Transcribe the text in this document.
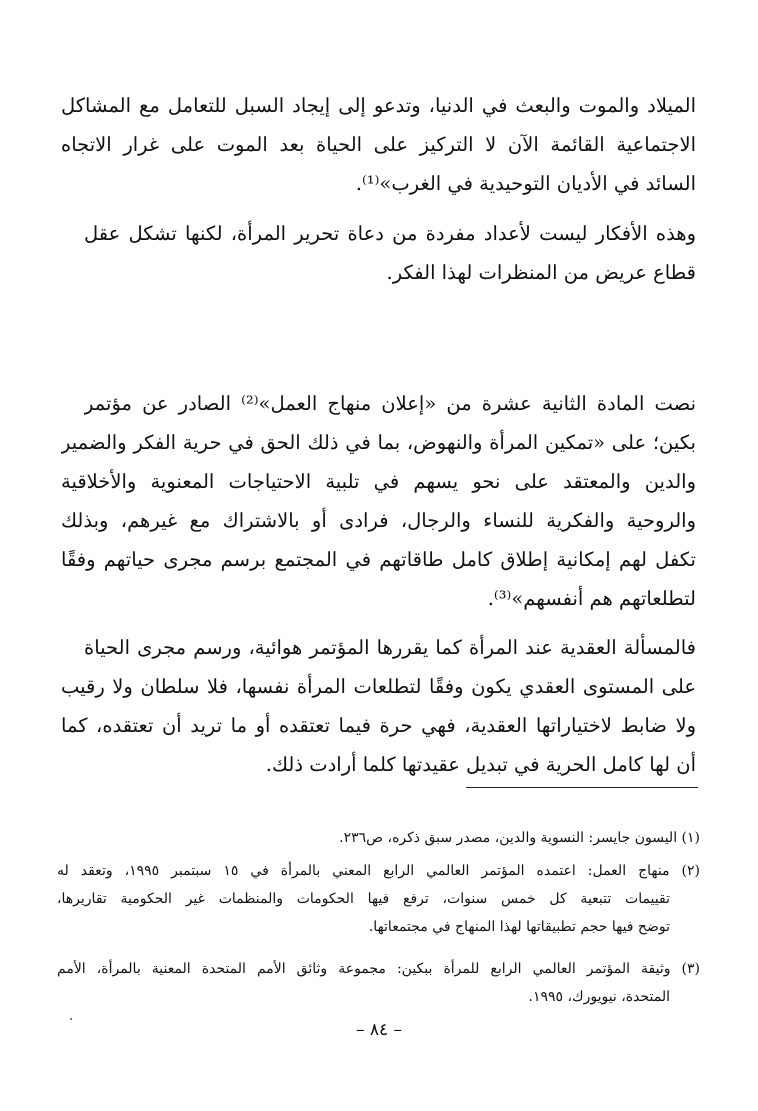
الميلاد والموت والبعث في الدنيا، وتدعو إلى إيجاد السبل للتعامل مع المشاكل
الاجتماعية القائمة الآن لا التركيز على الحياة بعد الموت على غرار الاتجاه
السائد في الأديان التوحيدية في الغرب»⁽¹⁾.
وهذه الأفكار ليست لأعداد مفردة من دعاة تحرير المرأة، لكنها تشكل عقل
قطاع عريض من المنظرات لهذا الفكر.
نصت المادة الثانية عشرة من «إعلان منهاج العمل»⁽²⁾ الصادر عن مؤتمر
بكين؛ على «تمكين المرأة والنهوض، بما في ذلك الحق في حرية الفكر والضمير
والدين والمعتقد على نحو يسهم في تلبية الاحتياجات المعنوية والأخلاقية
والروحية والفكرية للنساء والرجال، فرادى أو بالاشتراك مع غيرهم، وبذلك
تكفل لهم إمكانية إطلاق كامل طاقاتهم في المجتمع برسم مجرى حياتهم وفقًا
لتطلعاتهم هم أنفسهم»⁽³⁾.
فالمسألة العقدية عند المرأة كما يقررها المؤتمر هوائية، ورسم مجرى الحياة
على المستوى العقدي يكون وفقًا لتطلعات المرأة نفسها، فلا سلطان ولا رقيب
ولا ضابط لاختياراتها العقدية، فهي حرة فيما تعتقده أو ما تريد أن تعتقده، كما
أن لها كامل الحرية في تبديل عقيدتها كلما أرادت ذلك.
(١) اليسون جايسر: النسوية والدين، مصدر سبق ذكره، ص٢٣٦.
(٢) منهاج العمل: اعتمده المؤتمر العالمي الرابع المعني بالمرأة في ١٥ سبتمبر ١٩٩٥، وتعقد له
تقييمات تتبعية كل خمس سنوات، ترفع فيها الحكومات والمنظمات غير الحكومية تقاريرها،
توضح فيها حجم تطبيقاتها لهذا المنهاج في مجتمعاتها.
(٣) وثيقة المؤتمر العالمي الرابع للمرأة ببكين: مجموعة وثائق الأمم المتحدة المعنية بالمرأة، الأمم
المتحدة، نيويورك، ١٩٩٥.
– ٨٤ –
